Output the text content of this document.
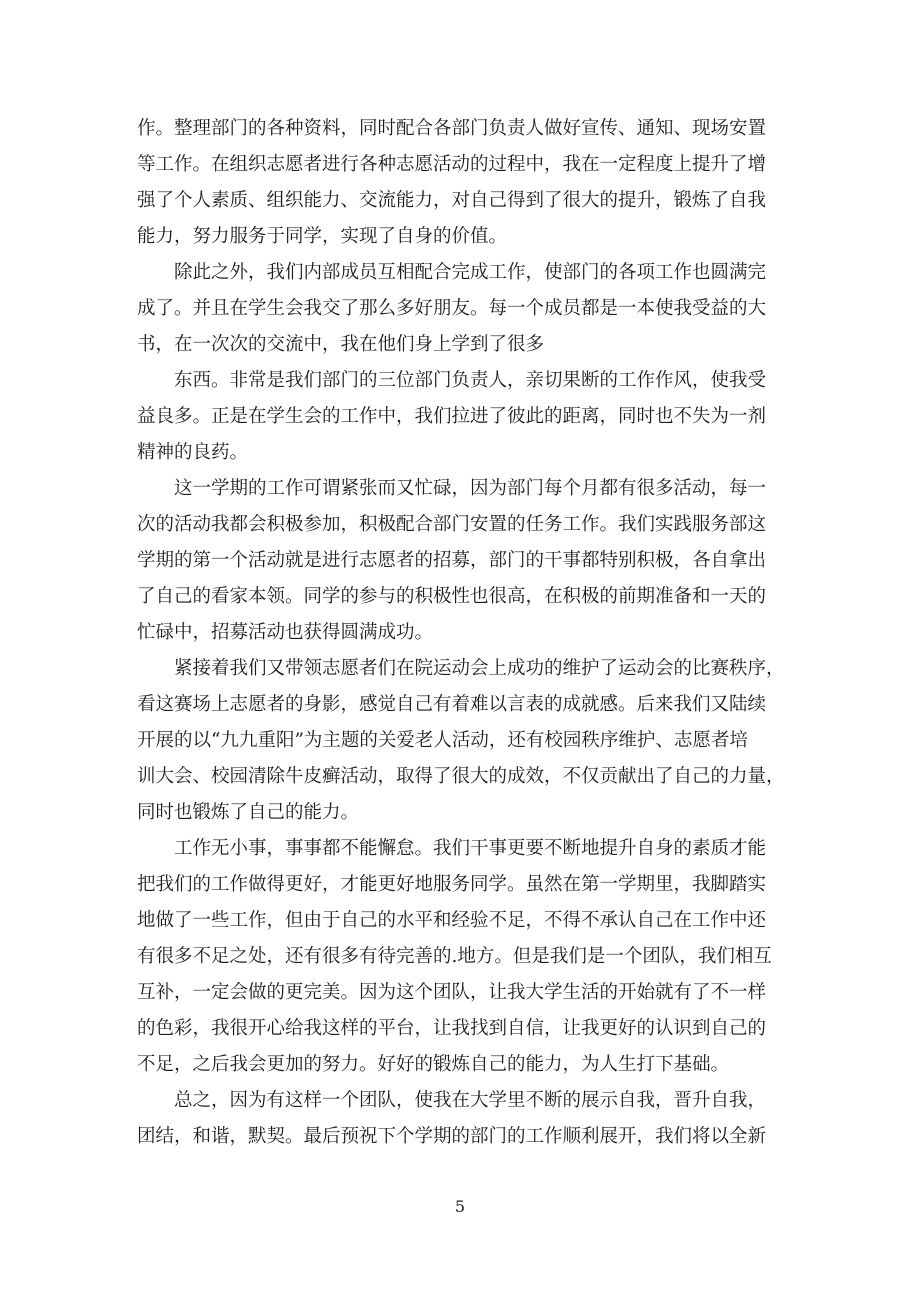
作。整理部门的各种资料，同时配合各部门负责人做好宣传、通知、现场安置
等工作。在组织志愿者进行各种志愿活动的过程中，我在一定程度上提升了增
强了个人素质、组织能力、交流能力，对自己得到了很大的提升，锻炼了自我
能力，努力服务于同学，实现了自身的价值。
除此之外，我们内部成员互相配合完成工作，使部门的各项工作也圆满完
成了。并且在学生会我交了那么多好朋友。每一个成员都是一本使我受益的大
书，在一次次的交流中，我在他们身上学到了很多
东西。非常是我们部门的三位部门负责人，亲切果断的工作作风，使我受
益良多。正是在学生会的工作中，我们拉进了彼此的距离，同时也不失为一剂
精神的良药。
这一学期的工作可谓紧张而又忙碌，因为部门每个月都有很多活动，每一
次的活动我都会积极参加，积极配合部门安置的任务工作。我们实践服务部这
学期的第一个活动就是进行志愿者的招募，部门的干事都特别积极，各自拿出
了自己的看家本领。同学的参与的积极性也很高，在积极的前期准备和一天的
忙碌中，招募活动也获得圆满成功。
紧接着我们又带领志愿者们在院运动会上成功的维护了运动会的比赛秩序，
看这赛场上志愿者的身影，感觉自己有着难以言表的成就感。后来我们又陆续
开展的以“九九重阳”为主题的关爱老人活动，还有校园秩序维护、志愿者培
训大会、校园清除牛皮癣活动，取得了很大的成效，不仅贡献出了自己的力量，
同时也锻炼了自己的能力。
工作无小事，事事都不能懈怠。我们干事更要不断地提升自身的素质才能
把我们的工作做得更好，才能更好地服务同学。虽然在第一学期里，我脚踏实
地做了一些工作，但由于自己的水平和经验不足，不得不承认自己在工作中还
有很多不足之处，还有很多有待完善的.地方。但是我们是一个团队，我们相互
互补，一定会做的更完美。因为这个团队，让我大学生活的开始就有了不一样
的色彩，我很开心给我这样的平台，让我找到自信，让我更好的认识到自己的
不足，之后我会更加的努力。好好的锻炼自己的能力，为人生打下基础。
总之，因为有这样一个团队，使我在大学里不断的展示自我，晋升自我，
团结，和谐，默契。最后预祝下个学期的部门的工作顺利展开，我们将以全新
5
